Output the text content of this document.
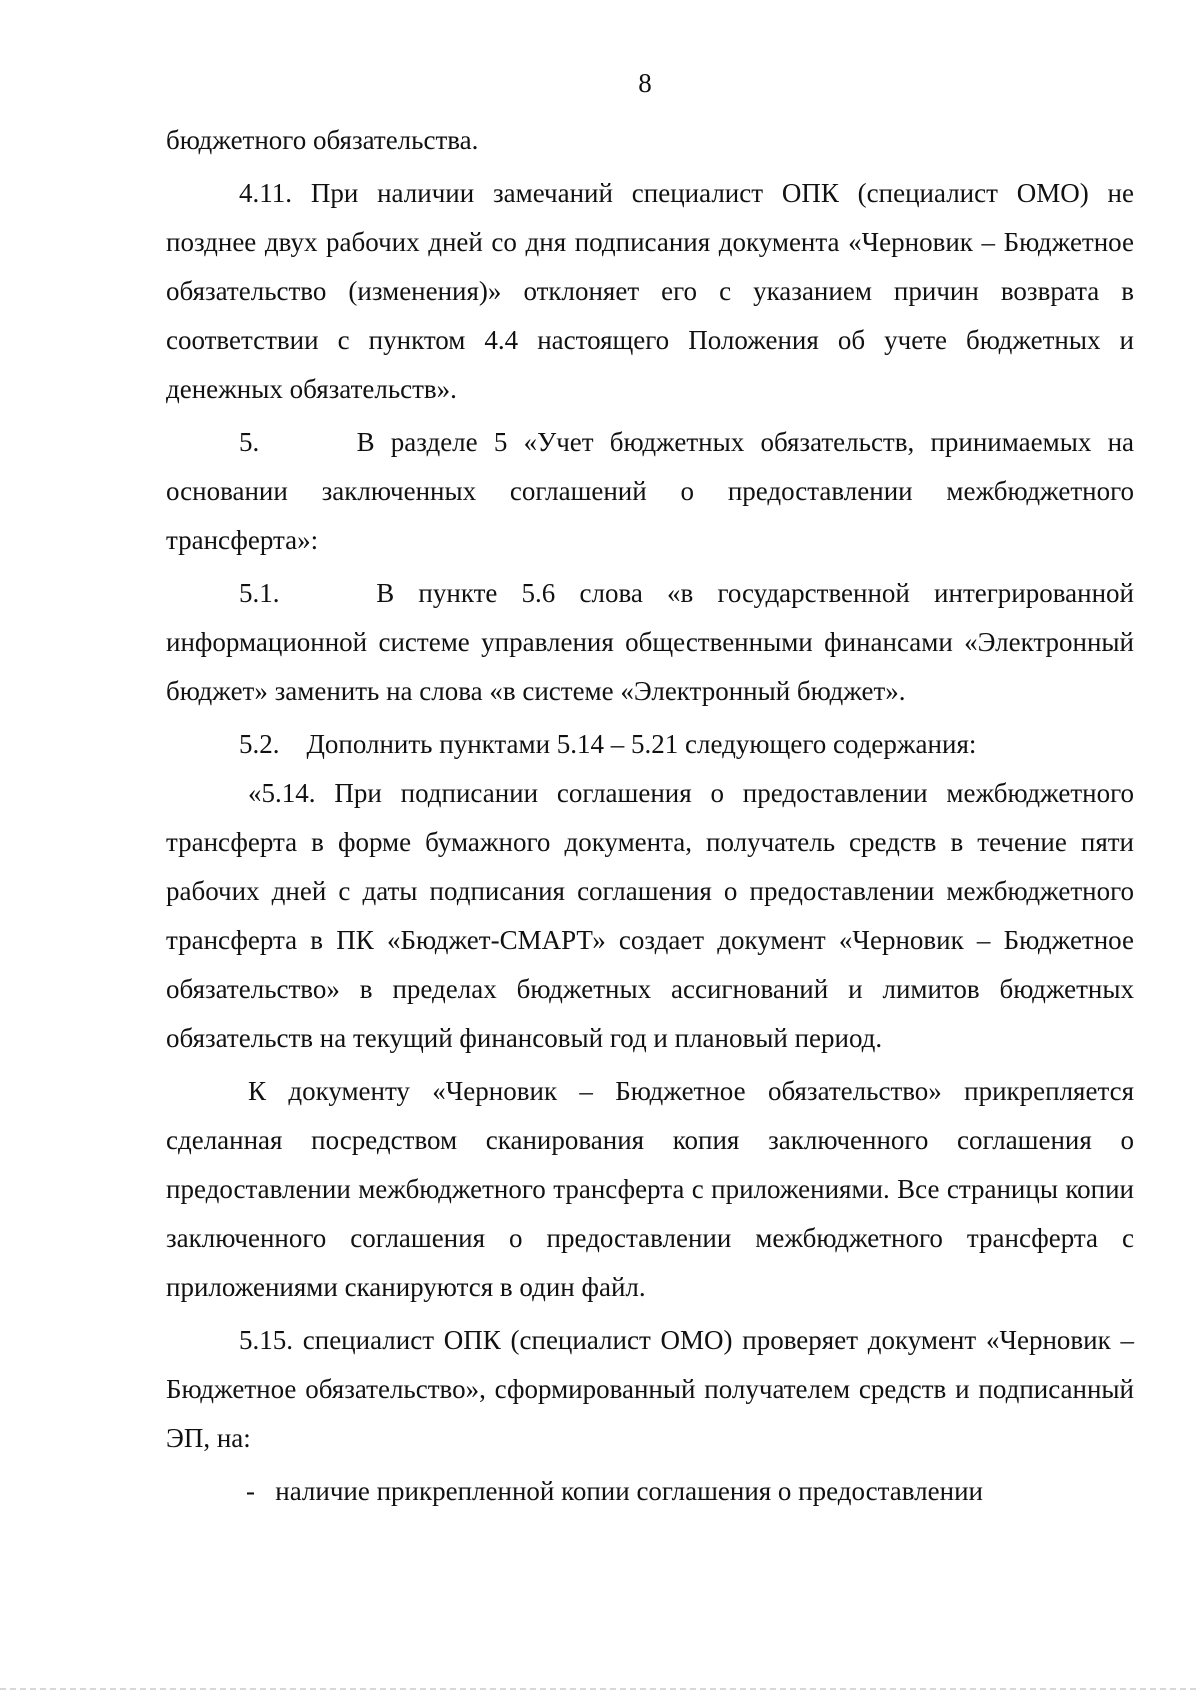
8

бюджетного обязательства.

4.11. При наличии замечаний специалист ОПК (специалист ОМО) не позднее двух рабочих дней со дня подписания документа «Черновик – Бюджетное обязательство (изменения)» отклоняет его с указанием причин возврата в соответствии с пунктом 4.4 настоящего Положения об учете бюджетных и денежных обязательств».

5.      В разделе 5 «Учет бюджетных обязательств, принимаемых на основании заключенных соглашений о предоставлении межбюджетного трансферта»:

5.1.    В пункте 5.6 слова «в государственной интегрированной информационной системе управления общественными финансами «Электронный бюджет» заменить на слова «в системе «Электронный бюджет».

5.2.    Дополнить пунктами 5.14 – 5.21 следующего содержания:

«5.14. При подписании соглашения о предоставлении межбюджетного трансферта в форме бумажного документа, получатель средств в течение пяти рабочих дней с даты подписания соглашения о предоставлении межбюджетного трансферта в ПК «Бюджет-СМАРТ» создает документ «Черновик – Бюджетное обязательство» в пределах бюджетных ассигнований и лимитов бюджетных обязательств на текущий финансовый год и плановый период.

К документу «Черновик – Бюджетное обязательство» прикрепляется сделанная посредством сканирования копия заключенного соглашения о предоставлении межбюджетного трансферта с приложениями. Все страницы копии заключенного соглашения о предоставлении межбюджетного трансферта с приложениями сканируются в один файл.

5.15. специалист ОПК (специалист ОМО) проверяет документ «Черновик – Бюджетное обязательство», сформированный получателем средств и подписанный ЭП, на:

-   наличие прикрепленной копии соглашения о предоставлении
